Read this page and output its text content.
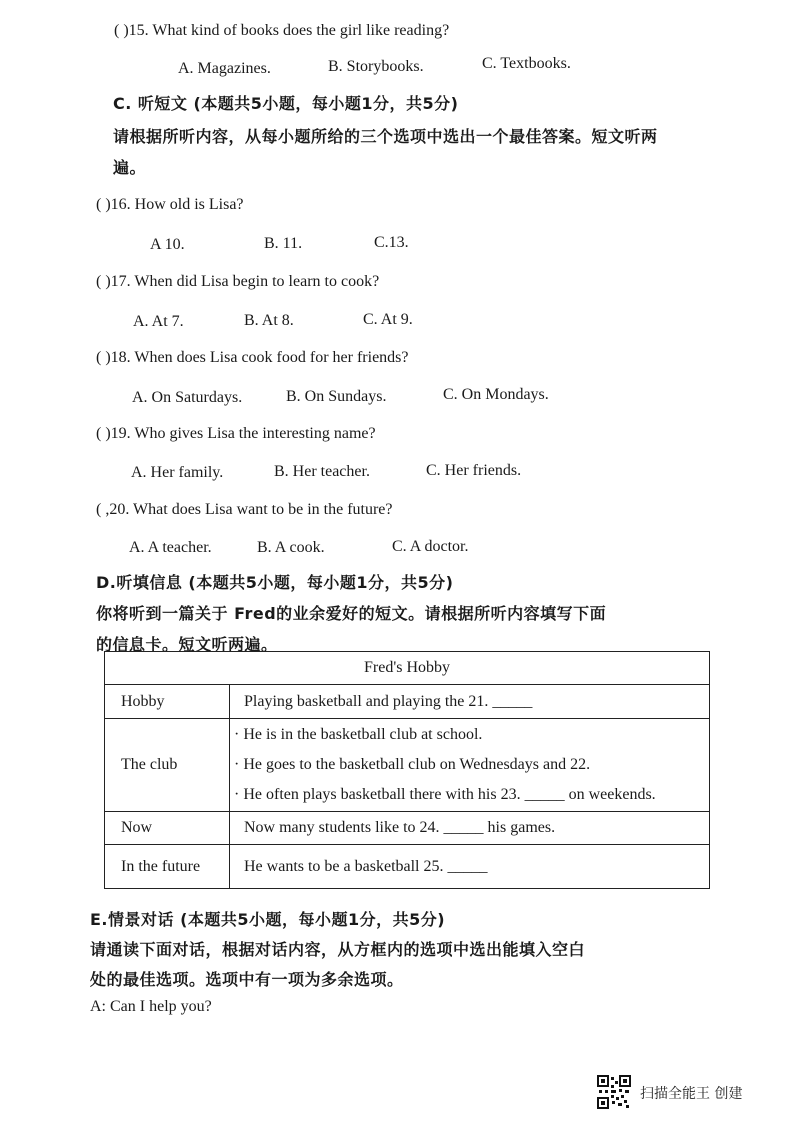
( )15. What kind of books does the girl like reading?
A. Magazines.	B. Storybooks.	C. Textbooks.
C. 听短文 (本题共5小题，每小题1分，共5分)
请根据所听内容，从每小题所给的三个选项中选出一个最佳答案。短文听两
遍。
( )16. How old is Lisa?
A 10.	B. 11.	C.13.
( )17. When did Lisa begin to learn to cook?
A. At 7.	B. At 8.	C. At 9.
( )18. When does Lisa cook food for her friends?
A. On Saturdays.	B. On Sundays.	C. On Mondays.
( )19. Who gives Lisa the interesting name?
A. Her family.	B. Her teacher.	C. Her friends.
( ,20. What does Lisa want to be in the future?
A. A teacher.	B. A cook.	C. A doctor.
D.听填信息 (本题共5小题，每小题1分，共5分)
你将听到一篇关于 Fred的业余爱好的短文。请根据所听内容填写下面
的信息卡。短文听两遍。
Fred's Hobby	
Hobby	Playing basketball and playing the 21. _____
The club	· He is in the basketball club at school.
· He goes to the basketball club on Wednesdays and 22.
· He often plays basketball there with his 23. _____ on weekends.

Now	Now many students like to 24. _____ his games.
In the future	He wants to be a basketball 25. _____
E.情景对话 (本题共5小题，每小题1分，共5分)
请通读下面对话，根据对话内容，从方框内的选项中选出能填入空白
处的最佳选项。选项中有一项为多余选项。
A: Can I help you?
扫描全能王 创建
